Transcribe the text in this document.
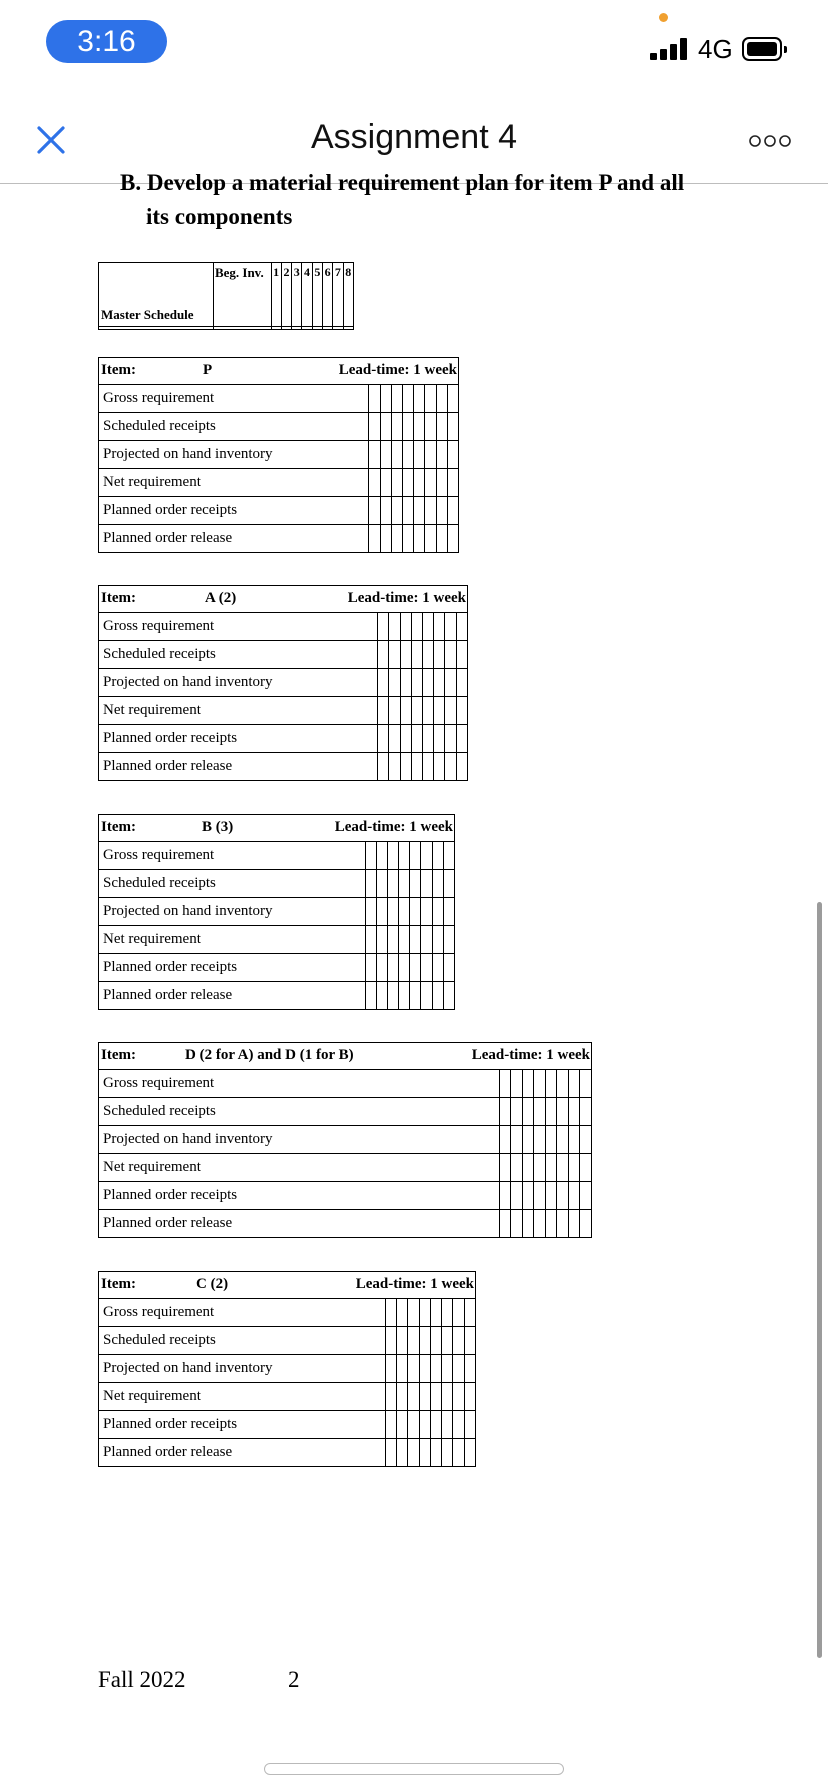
3:16	4G
Assignment 4
B. Develop a material requirement plan for item P and all
its components
Master Schedule	Beg. Inv.	1	2	3	4	5	6	7	8

Item: P Lead-time: 1 week								

Gross requirement								
Scheduled receipts								
Projected on hand inventory								
Net requirement								
Planned order receipts								
Planned order release								
Item: A (2) Lead-time: 1 week								

Gross requirement								
Scheduled receipts								
Projected on hand inventory								
Net requirement								
Planned order receipts								
Planned order release								
Item: B (3) Lead-time: 1 week								

Gross requirement								
Scheduled receipts								
Projected on hand inventory								
Net requirement								
Planned order receipts								
Planned order release								
Item: D (2 for A) and D (1 for B) Lead-time: 1 week								

Gross requirement								
Scheduled receipts								
Projected on hand inventory								
Net requirement								
Planned order receipts								
Planned order release								
Item: C (2) Lead-time: 1 week								

Gross requirement								
Scheduled receipts								
Projected on hand inventory								
Net requirement								
Planned order receipts								
Planned order release								
Fall 2022	2
